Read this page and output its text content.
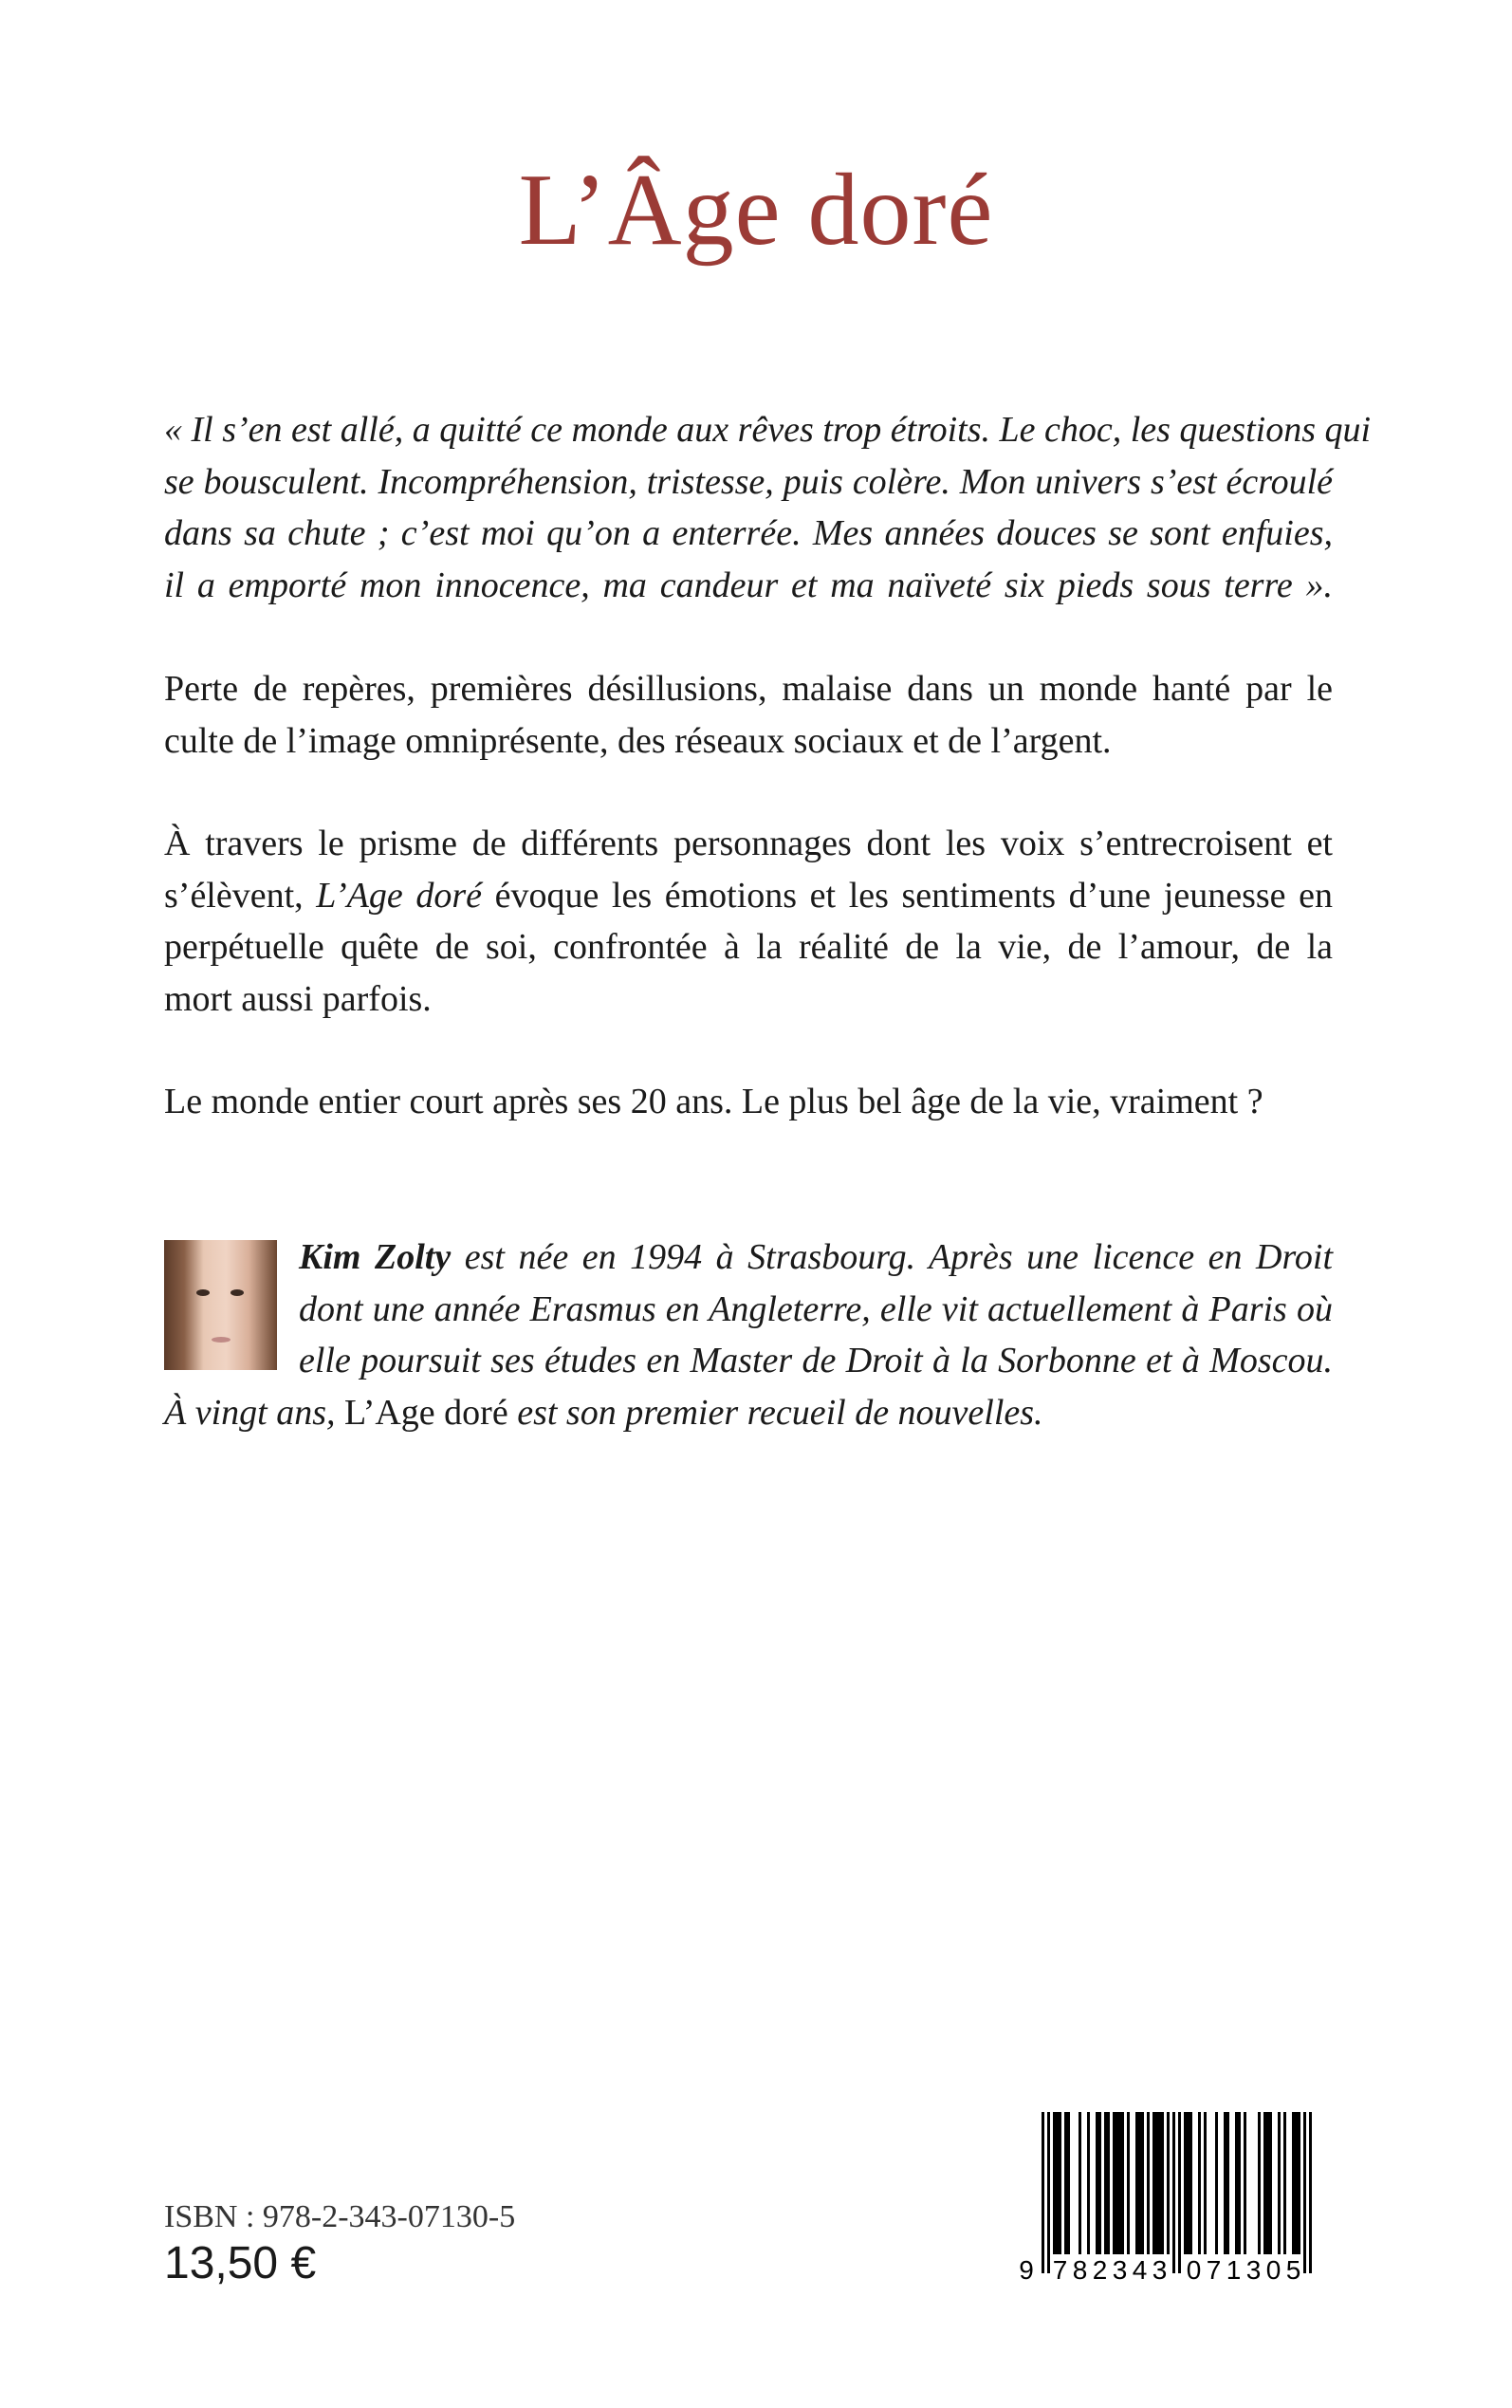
L’Âge doré
« Il s’en est allé, a quitté ce monde aux rêves trop étroits. Le choc, les questions qui
se bousculent. Incompréhension, tristesse, puis colère. Mon univers s’est écroulé
dans sa chute ; c’est moi qu’on a enterrée. Mes années douces se sont enfuies,
il a emporté mon innocence, ma candeur et ma naïveté six pieds sous terre ».
Perte de repères, premières désillusions, malaise dans un monde hanté par le
culte de l’image omniprésente, des réseaux sociaux et de l’argent.
À travers le prisme de différents personnages dont les voix s’entrecroisent et
s’élèvent, L’Age doré évoque les émotions et les sentiments d’une jeunesse en
perpétuelle quête de soi, confrontée à la réalité de la vie, de l’amour, de la
mort aussi parfois.
Le monde entier court après ses 20 ans. Le plus bel âge de la vie, vraiment ?
Kim Zolty est née en 1994 à Strasbourg. Après une licence en Droit
dont une année Erasmus en Angleterre, elle vit actuellement à Paris où
elle poursuit ses études en Master de Droit à la Sorbonne et à Moscou.
À vingt ans, L’Age doré est son premier recueil de nouvelles.
ISBN : 978-2-343-07130-5
13,50 €	9 7 8 2 3 4 3 0 7 1 3 0 5
